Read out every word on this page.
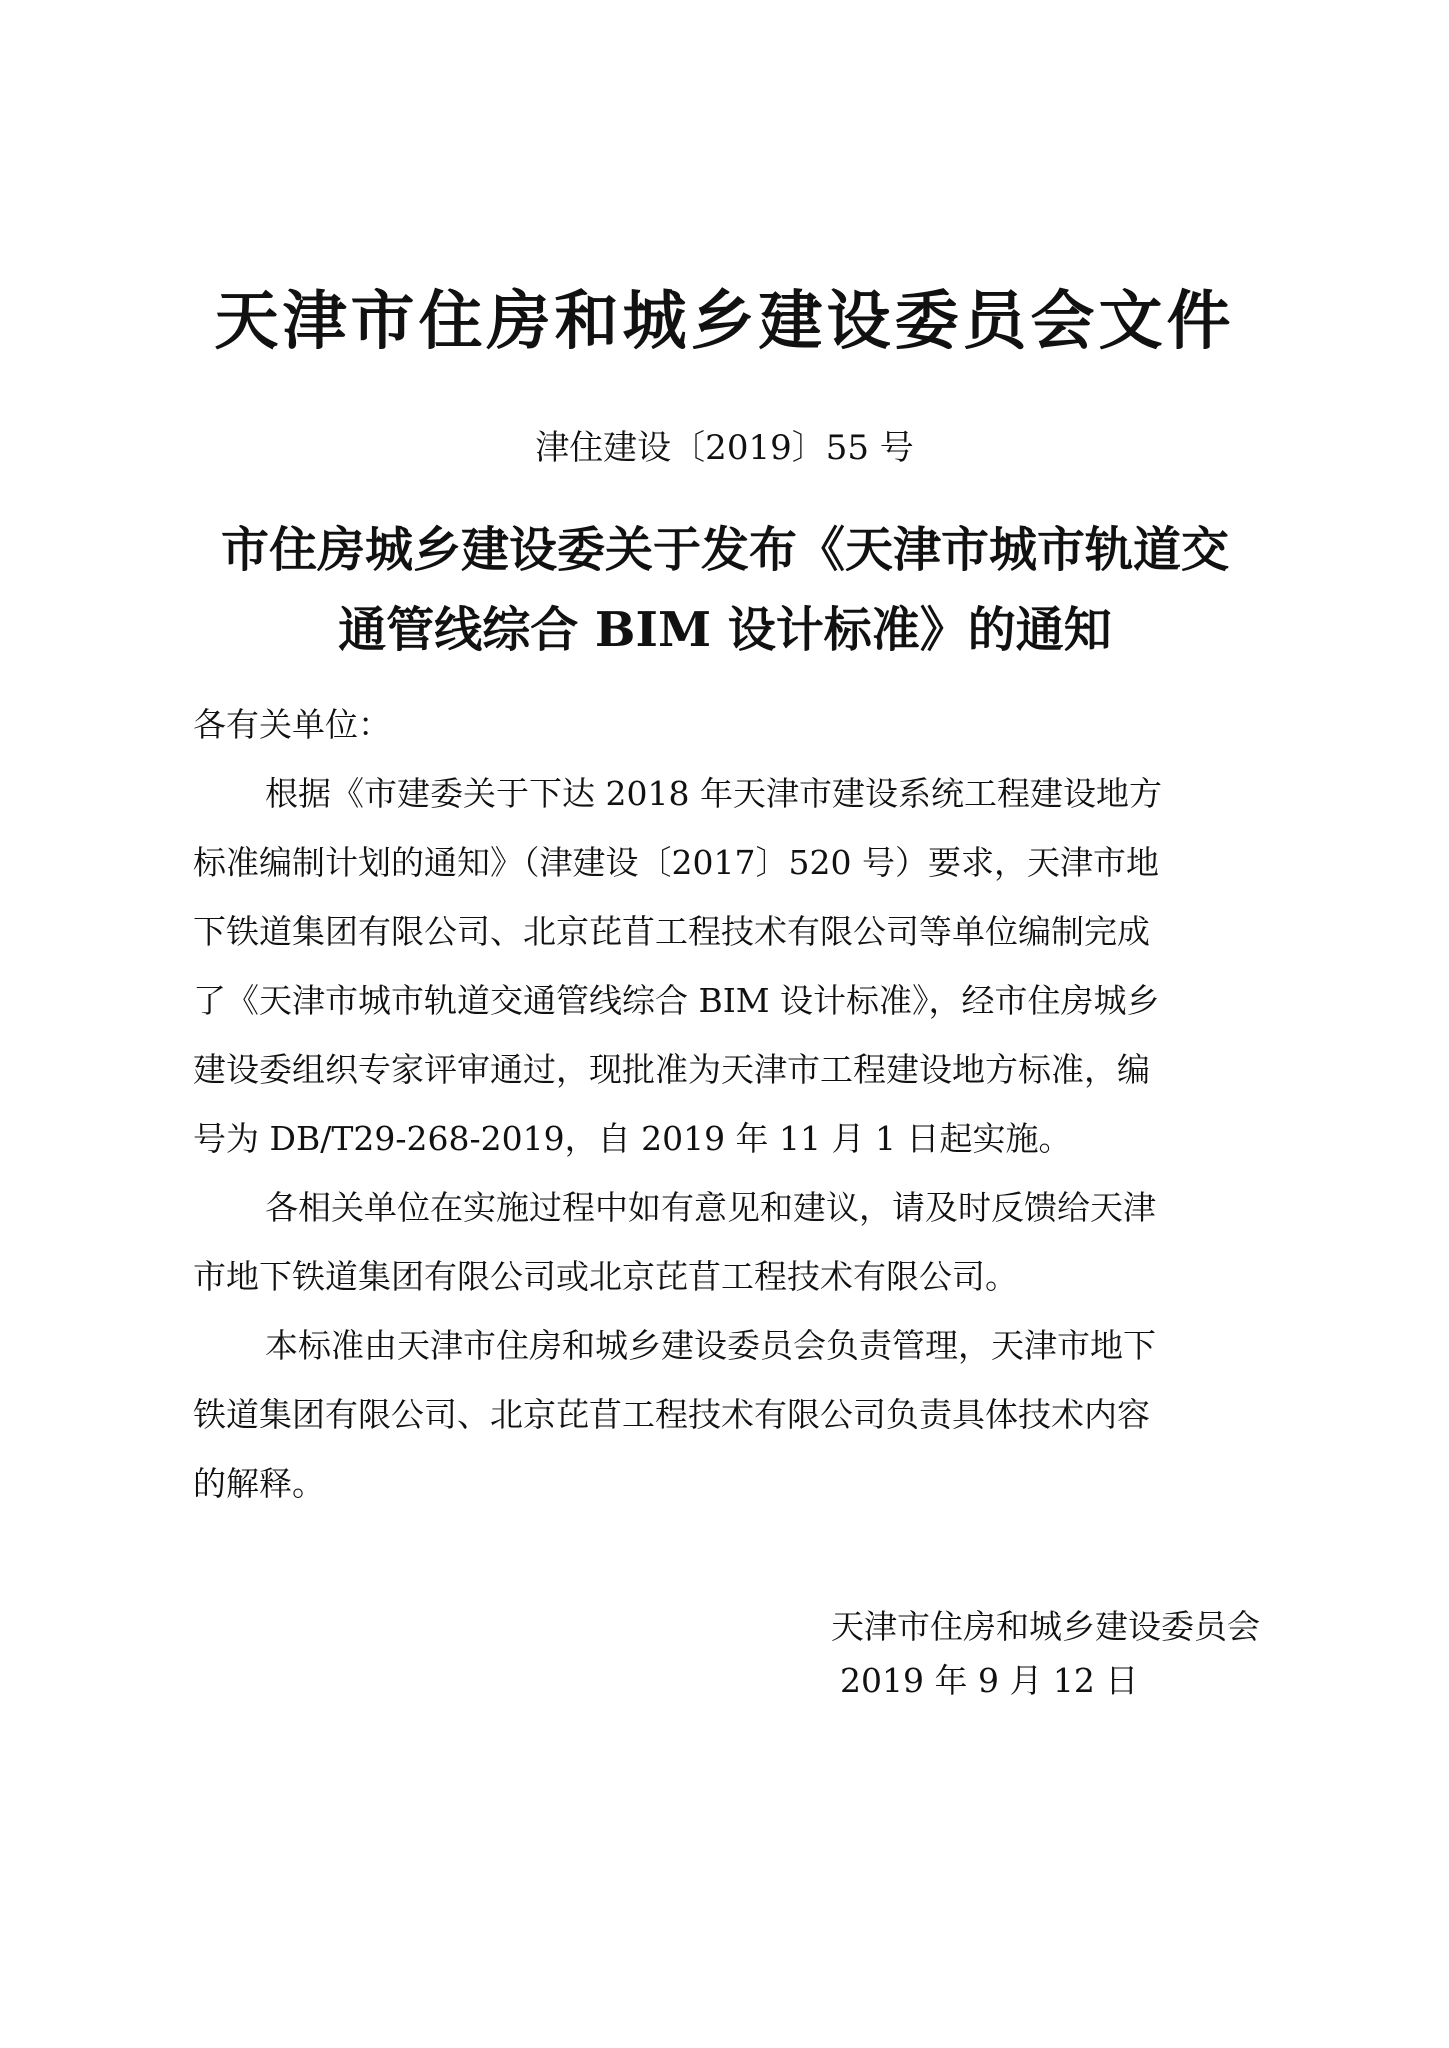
天津市住房和城乡建设委员会文件
津住建设〔2019〕55 号
市住房城乡建设委关于发布《天津市城市轨道交
通管线综合 BIM 设计标准》的通知

各有关单位：

根据《市建委关于下达 2018 年天津市建设系统工程建设地方
标准编制计划的通知》（津建设〔2017〕520 号）要求，天津市地
下铁道集团有限公司、北京芘苜工程技术有限公司等单位编制完成
了《天津市城市轨道交通管线综合 BIM 设计标准》，经市住房城乡
建设委组织专家评审通过，现批准为天津市工程建设地方标准，编
号为 DB/T29-268-2019，自 2019 年 11 月 1 日起实施。

各相关单位在实施过程中如有意见和建议，请及时反馈给天津
市地下铁道集团有限公司或北京芘苜工程技术有限公司。

本标准由天津市住房和城乡建设委员会负责管理，天津市地下
铁道集团有限公司、北京芘苜工程技术有限公司负责具体技术内容
的解释。

天津市住房和城乡建设委员会
2019 年 9 月 12 日
